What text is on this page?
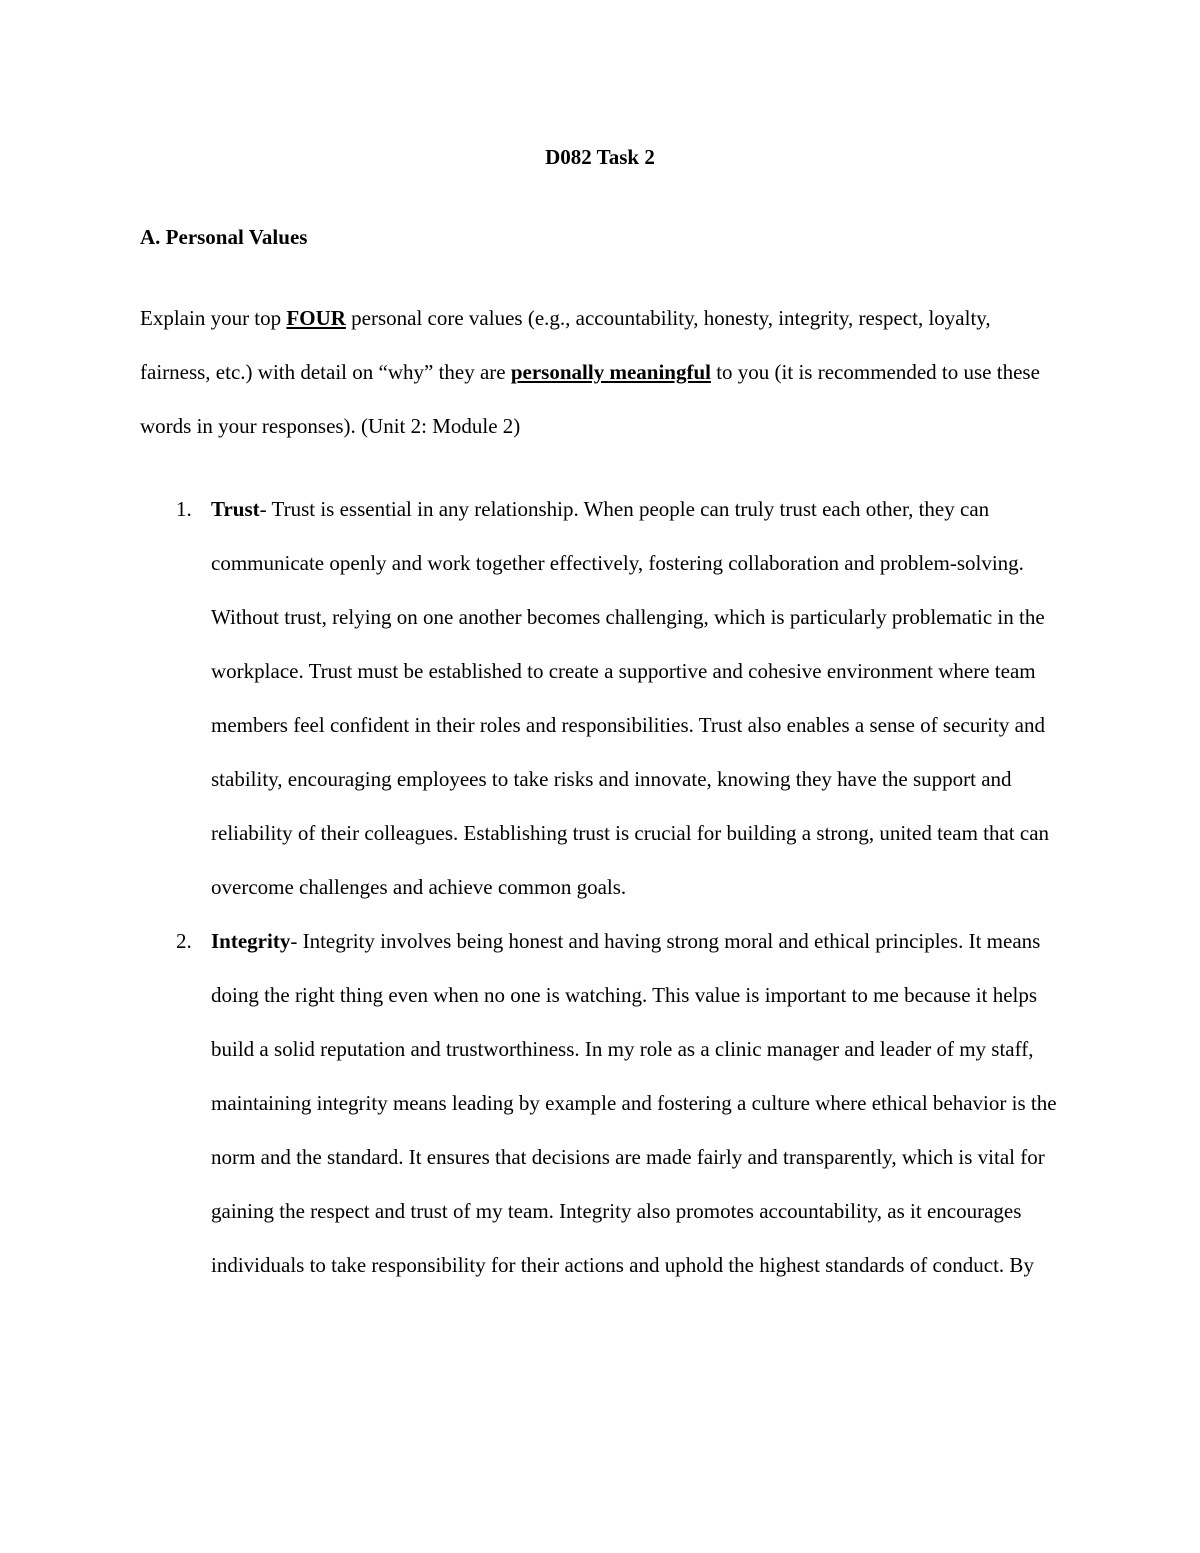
D082 Task 2
A. Personal Values

Explain your top FOUR personal core values (e.g., accountability, honesty, integrity, respect, loyalty, fairness, etc.) with detail on “why” they are personally meaningful to you (it is recommended to use these words in your responses). (Unit 2: Module 2)

1. Trust- Trust is essential in any relationship. When people can truly trust each other, they can communicate openly and work together effectively, fostering collaboration and problem-solving. Without trust, relying on one another becomes challenging, which is particularly problematic in the workplace. Trust must be established to create a supportive and cohesive environment where team members feel confident in their roles and responsibilities. Trust also enables a sense of security and stability, encouraging employees to take risks and innovate, knowing they have the support and reliability of their colleagues. Establishing trust is crucial for building a strong, united team that can overcome challenges and achieve common goals.
2. Integrity- Integrity involves being honest and having strong moral and ethical principles. It means doing the right thing even when no one is watching. This value is important to me because it helps build a solid reputation and trustworthiness. In my role as a clinic manager and leader of my staff, maintaining integrity means leading by example and fostering a culture where ethical behavior is the norm and the standard. It ensures that decisions are made fairly and transparently, which is vital for gaining the respect and trust of my team. Integrity also promotes accountability, as it encourages individuals to take responsibility for their actions and uphold the highest standards of conduct. By
